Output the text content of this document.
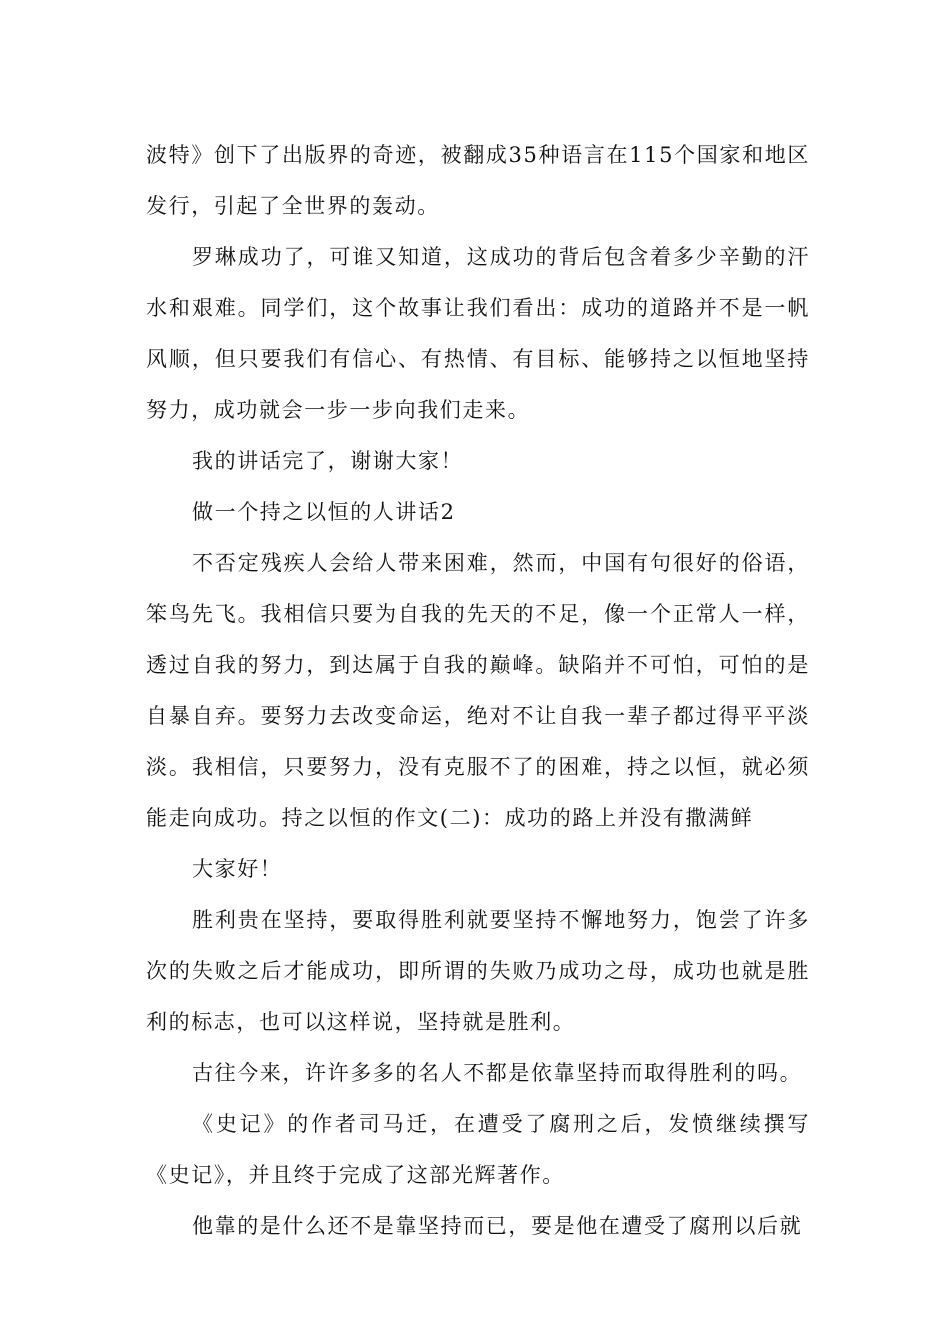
波特》创下了出版界的奇迹，被翻成35种语言在115个国家和地区发行，引起了全世界的轰动。

罗琳成功了，可谁又知道，这成功的背后包含着多少辛勤的汗水和艰难。同学们，这个故事让我们看出：成功的道路并不是一帆风顺，但只要我们有信心、有热情、有目标、能够持之以恒地坚持努力，成功就会一步一步向我们走来。

我的讲话完了，谢谢大家！

做一个持之以恒的人讲话2

不否定残疾人会给人带来困难，然而，中国有句很好的俗语，笨鸟先飞。我相信只要为自我的先天的不足，像一个正常人一样，透过自我的努力，到达属于自我的巅峰。缺陷并不可怕，可怕的是自暴自弃。要努力去改变命运，绝对不让自我一辈子都过得平平淡淡。我相信，只要努力，没有克服不了的困难，持之以恒，就必须能走向成功。持之以恒的作文(二)：成功的路上并没有撒满鲜

大家好！

胜利贵在坚持，要取得胜利就要坚持不懈地努力，饱尝了许多次的失败之后才能成功，即所谓的失败乃成功之母，成功也就是胜利的标志，也可以这样说，坚持就是胜利。

古往今来，许许多多的名人不都是依靠坚持而取得胜利的吗。

《史记》的作者司马迁，在遭受了腐刑之后，发愤继续撰写《史记》，并且终于完成了这部光辉著作。

他靠的是什么还不是靠坚持而已，要是他在遭受了腐刑以后就
